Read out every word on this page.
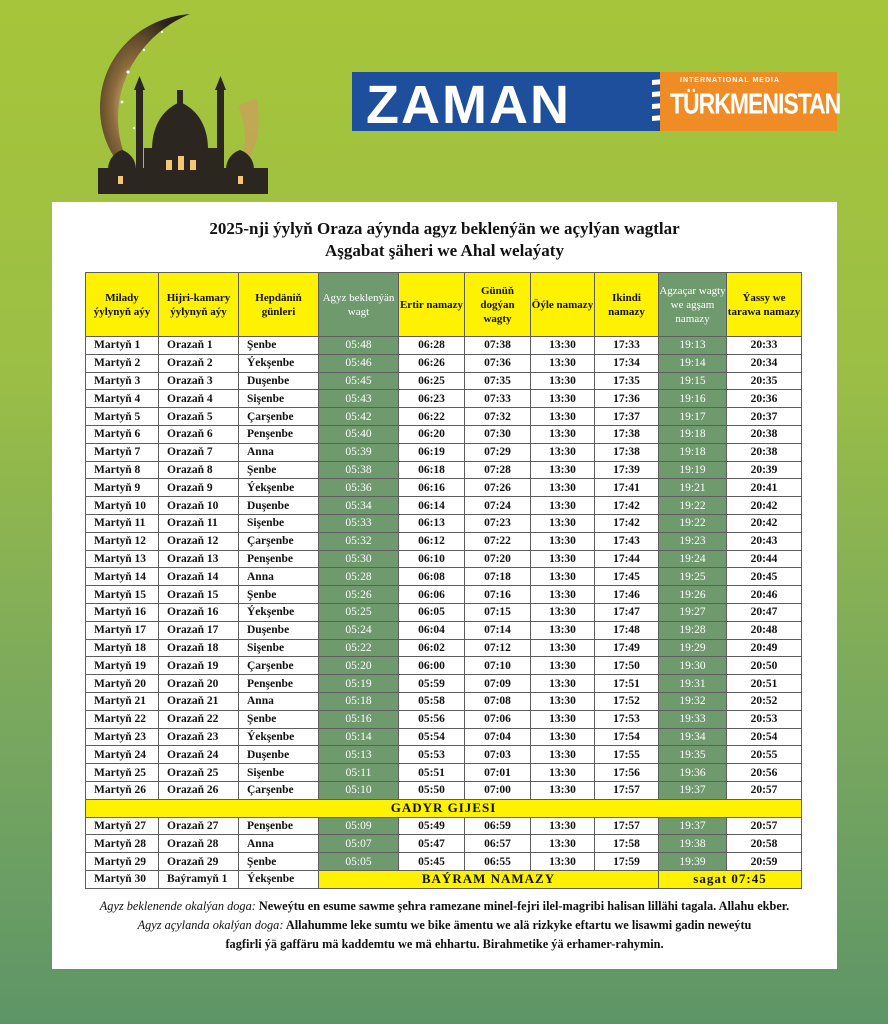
ZAMAN	INTERNATIONAL MEDIA
TÜRKMENISTAN
2025-nji ýylyň Oraza aýynda agyz beklenýän we açylýan wagtlar
Aşgabat şäheri we Ahal welaýaty
Milady ýylynyň aýy	Hijri-kamary ýylynyň aýy	Hepdäniň günleri	Agyz beklenýän wagt	Ertir namazy	Günüň dogýan wagty	Öýle namazy	Ikindi namazy	Agzaçar wagty we agşam namazy	Ýassy we tarawa namazy
Martyň 1	Orazaň 1	Şenbe	05:48	06:28	07:38	13:30	17:33	19:13	20:33
Martyň 2	Orazaň 2	Ýekşenbe	05:46	06:26	07:36	13:30	17:34	19:14	20:34
Martyň 3	Orazaň 3	Duşenbe	05:45	06:25	07:35	13:30	17:35	19:15	20:35
Martyň 4	Orazaň 4	Sişenbe	05:43	06:23	07:33	13:30	17:36	19:16	20:36
Martyň 5	Orazaň 5	Çarşenbe	05:42	06:22	07:32	13:30	17:37	19:17	20:37
Martyň 6	Orazaň 6	Penşenbe	05:40	06:20	07:30	13:30	17:38	19:18	20:38
Martyň 7	Orazaň 7	Anna	05:39	06:19	07:29	13:30	17:38	19:18	20:38
Martyň 8	Orazaň 8	Şenbe	05:38	06:18	07:28	13:30	17:39	19:19	20:39
Martyň 9	Orazaň 9	Ýekşenbe	05:36	06:16	07:26	13:30	17:41	19:21	20:41
Martyň 10	Orazaň 10	Duşenbe	05:34	06:14	07:24	13:30	17:42	19:22	20:42
Martyň 11	Orazaň 11	Sişenbe	05:33	06:13	07:23	13:30	17:42	19:22	20:42
Martyň 12	Orazaň 12	Çarşenbe	05:32	06:12	07:22	13:30	17:43	19:23	20:43
Martyň 13	Orazaň 13	Penşenbe	05:30	06:10	07:20	13:30	17:44	19:24	20:44
Martyň 14	Orazaň 14	Anna	05:28	06:08	07:18	13:30	17:45	19:25	20:45
Martyň 15	Orazaň 15	Şenbe	05:26	06:06	07:16	13:30	17:46	19:26	20:46
Martyň 16	Orazaň 16	Ýekşenbe	05:25	06:05	07:15	13:30	17:47	19:27	20:47
Martyň 17	Orazaň 17	Duşenbe	05:24	06:04	07:14	13:30	17:48	19:28	20:48
Martyň 18	Orazaň 18	Sişenbe	05:22	06:02	07:12	13:30	17:49	19:29	20:49
Martyň 19	Orazaň 19	Çarşenbe	05:20	06:00	07:10	13:30	17:50	19:30	20:50
Martyň 20	Orazaň 20	Penşenbe	05:19	05:59	07:09	13:30	17:51	19:31	20:51
Martyň 21	Orazaň 21	Anna	05:18	05:58	07:08	13:30	17:52	19:32	20:52
Martyň 22	Orazaň 22	Şenbe	05:16	05:56	07:06	13:30	17:53	19:33	20:53
Martyň 23	Orazaň 23	Ýekşenbe	05:14	05:54	07:04	13:30	17:54	19:34	20:54
Martyň 24	Orazaň 24	Duşenbe	05:13	05:53	07:03	13:30	17:55	19:35	20:55
Martyň 25	Orazaň 25	Sişenbe	05:11	05:51	07:01	13:30	17:56	19:36	20:56
Martyň 26	Orazaň 26	Çarşenbe	05:10	05:50	07:00	13:30	17:57	19:37	20:57
GADYR GIJESI									
Martyň 27	Orazaň 27	Penşenbe	05:09	05:49	06:59	13:30	17:57	19:37	20:57
Martyň 28	Orazaň 28	Anna	05:07	05:47	06:57	13:30	17:58	19:38	20:58
Martyň 29	Orazaň 29	Şenbe	05:05	05:45	06:55	13:30	17:59	19:39	20:59
Martyň 30	Baýramyň 1	Ýekşenbe	BAÝRAM NAMAZY					sagat 07:45	
Agyz beklenende okalýan doga: Neweýtu en esume sawme şehra ramezane minel-fejri ilel-magribi halisan lillähi tagala. Allahu ekber.
Agyz açylanda okalýan doga: Allahumme leke sumtu we bike ämentu we alä rizkyke eftartu we lisawmi gadin neweýtu
fagfirli ýä gaffäru mä kaddemtu we mä ehhartu. Birahmetike ýä erhamer-rahymin.
